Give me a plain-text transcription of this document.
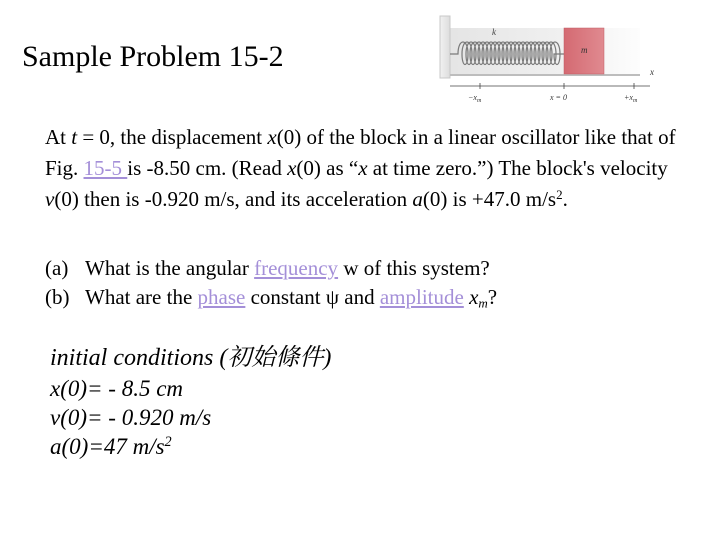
Sample Problem 15-2
k
m
x
$-x_m$	x = 0	$+x_m$

At t = 0, the displacement x(0) of the block in a linear oscillator like that of Fig. 15-5 is -8.50 cm. (Read x(0) as “x at time zero.”) The block's velocity v(0) then is -0.920 m/s, and its acceleration a(0) is +47.0 $m/s^2$.

(a) What is the angular frequency w of this system?

(b) What are the phase constant ψ and amplitude $x_m$?

initial conditions (初始條件)

x(0)= - 8.5 cm

v(0)= - 0.920 m/s

a(0)=47 $m/s^2$
